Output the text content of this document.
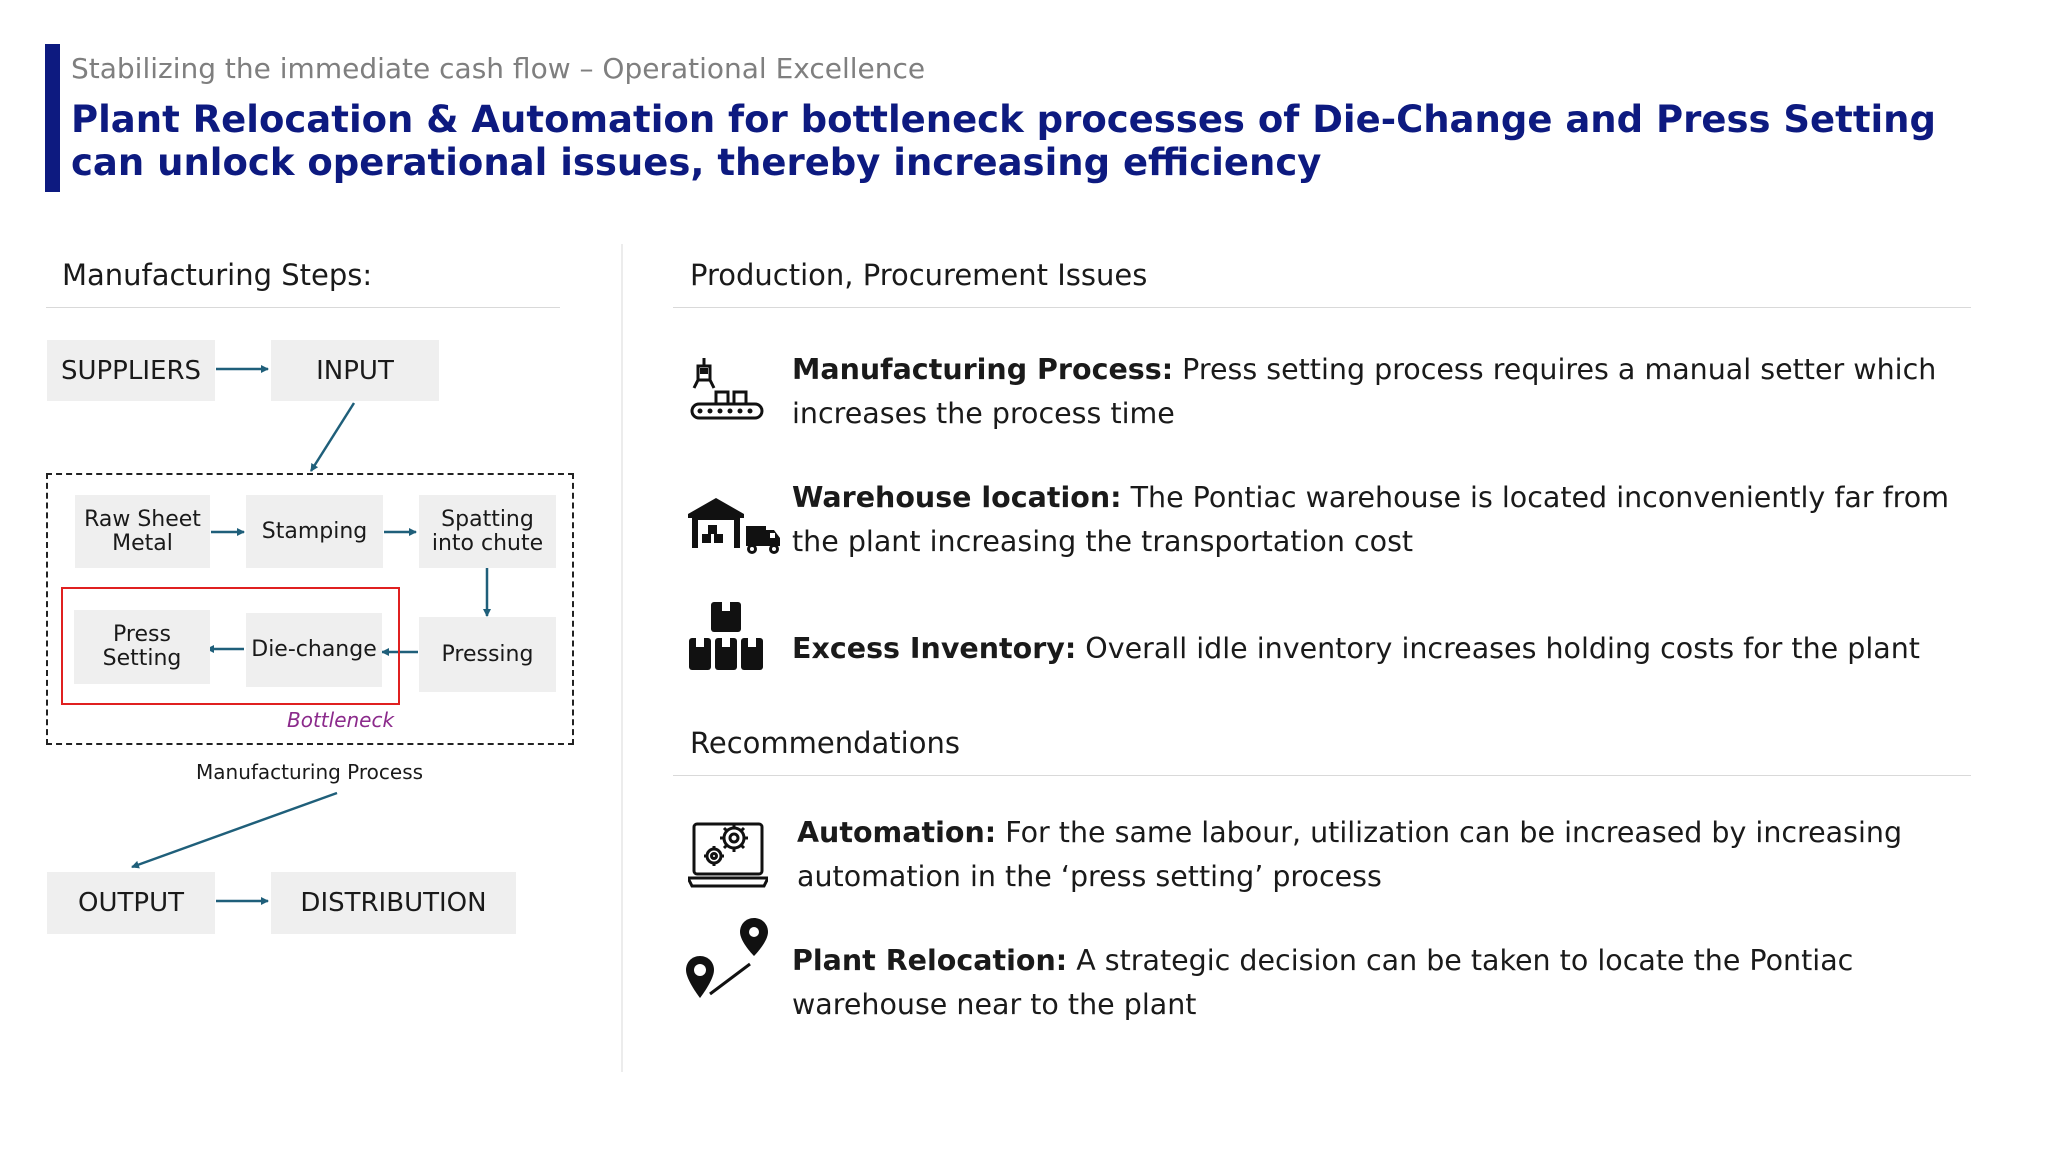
Stabilizing the immediate cash flow – Operational Excellence
Plant Relocation & Automation for bottleneck processes of Die-Change and Press Setting can unlock operational issues, thereby increasing efficiency
Manufacturing Steps:
SUPPLIERS	INPUT
Raw Sheet
Metal	Stamping	Spatting
into chute
Press
Setting	Die-change	Pressing
Bottleneck
Manufacturing Process
OUTPUT	DISTRIBUTION
Production, Procurement Issues
Manufacturing Process: Press setting process requires a manual setter which increases the process time
Warehouse location: The Pontiac warehouse is located inconveniently far from the plant increasing the transportation cost
Excess Inventory: Overall idle inventory increases holding costs for the plant
Recommendations
Automation: For the same labour, utilization can be increased by increasing automation in the ‘press setting’ process
Plant Relocation: A strategic decision can be taken to locate the Pontiac warehouse near to the plant
